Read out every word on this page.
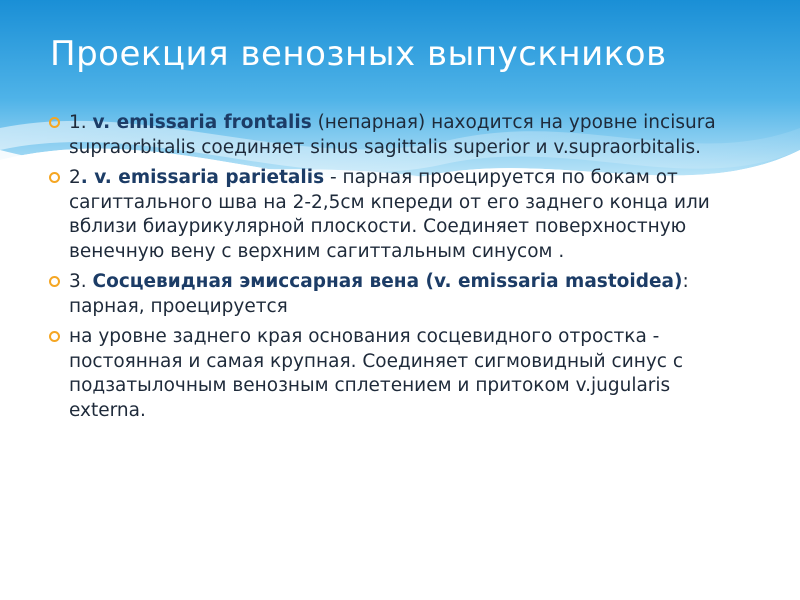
Проекция венозных выпускников
1. v. emissaria frontalis (непарная) находится на уровне incisura supraorbitalis соединяет sinus sagittalis superior и v.supraorbitalis.
2. v. emissaria parietalis - парная проецируется по бокам от сагиттального шва на 2-2,5см кпереди от его заднего конца или вблизи биаурикулярной плоскости. Соединяет поверхностную венечную вену с верхним сагиттальным синусом .
3. Сосцевидная эмиссарная вена (v. emissaria mastoidea): парная, проецируется
на уровне заднего края основания сосцевидного отростка - постоянная и самая крупная. Соединяет сигмовидный синус с подзатылочным венозным сплетением и притоком v.jugularis externa.
